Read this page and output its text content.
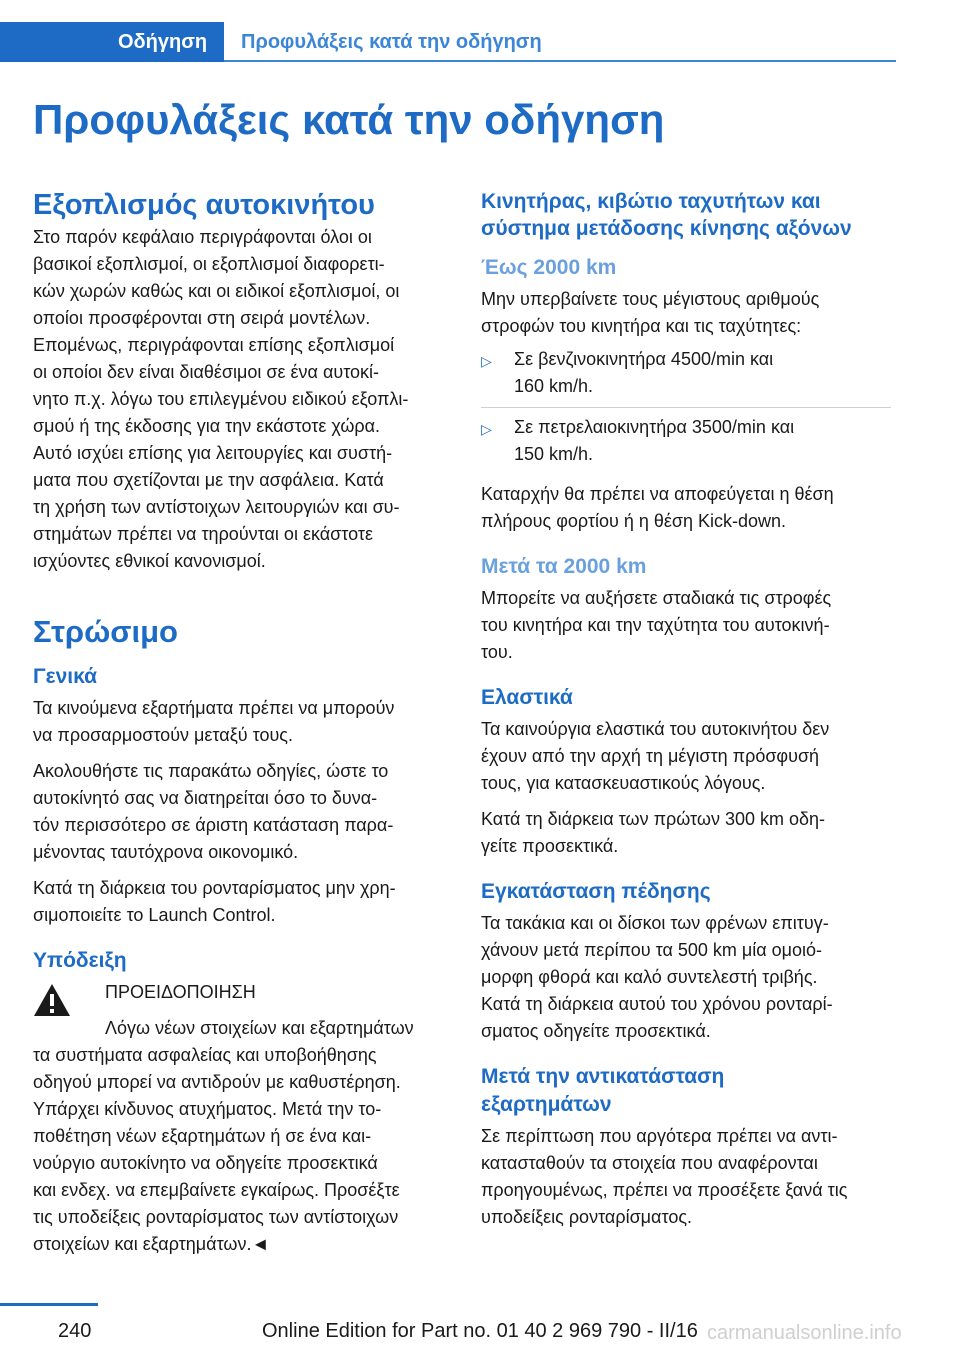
Οδήγηση	Προφυλάξεις κατά την οδήγηση
Προφυλάξεις κατά την οδήγηση
Εξοπλισμός αυτοκινήτου

Στο παρόν κεφάλαιο περιγράφονται όλοι οι
βασικοί εξοπλισμοί, οι εξοπλισμοί διαφορετι‐
κών χωρών καθώς και οι ειδικοί εξοπλισμοί, οι
οποίοι προσφέρονται στη σειρά μοντέλων.
Επομένως, περιγράφονται επίσης εξοπλισμοί
οι οποίοι δεν είναι διαθέσιμοι σε ένα αυτοκί‐
νητο π.χ. λόγω του επιλεγμένου ειδικού εξοπλι‐
σμού ή της έκδοσης για την εκάστοτε χώρα.
Αυτό ισχύει επίσης για λειτουργίες και συστή‐
ματα που σχετίζονται με την ασφάλεια. Κατά
τη χρήση των αντίστοιχων λειτουργιών και συ‐
στημάτων πρέπει να τηρούνται οι εκάστοτε
ισχύοντες εθνικοί κανονισμοί.

Στρώσιμο
Γενικά

Τα κινούμενα εξαρτήματα πρέπει να μπορούν
να προσαρμοστούν μεταξύ τους.

Ακολουθήστε τις παρακάτω οδηγίες, ώστε το
αυτοκίνητό σας να διατηρείται όσο το δυνα‐
τόν περισσότερο σε άριστη κατάσταση παρα‐
μένοντας ταυτόχρονα οικονομικό.

Κατά τη διάρκεια του ρονταρίσματος μην χρη‐
σιμοποιείτε το Launch Control.

Υπόδειξη

ΠΡΟΕΙΔΟΠΟΙΗΣΗ

Λόγω νέων στοιχείων και εξαρτημάτων

τα συστήματα ασφαλείας και υποβοήθησης
οδηγού μπορεί να αντιδρούν με καθυστέρηση.
Υπάρχει κίνδυνος ατυχήματος. Μετά την το‐
ποθέτηση νέων εξαρτημάτων ή σε ένα και‐
νούργιο αυτοκίνητο να οδηγείτε προσεκτικά
και ενδεχ. να επεμβαίνετε εγκαίρως. Προσέξτε
τις υποδείξεις ρονταρίσματος των αντίστοιχων
στοιχείων και εξαρτημάτων.◄

Κινητήρας, κιβώτιο ταχυτήτων και
σύστημα μετάδοσης κίνησης αξόνων
Έως 2000 km

Μην υπερβαίνετε τους μέγιστους αριθμούς
στροφών του κινητήρα και τις ταχύτητες:

▷	Σε βενζινοκινητήρα 4500/min και
160 km/h.
▷	Σε πετρελαιοκινητήρα 3500/min και
150 km/h.

Καταρχήν θα πρέπει να αποφεύγεται η θέση
πλήρους φορτίου ή η θέση Kick-down.

Μετά τα 2000 km

Μπορείτε να αυξήσετε σταδιακά τις στροφές
του κινητήρα και την ταχύτητα του αυτοκινή‐
του.

Ελαστικά

Τα καινούργια ελαστικά του αυτοκινήτου δεν
έχουν από την αρχή τη μέγιστη πρόσφυσή
τους, για κατασκευαστικούς λόγους.

Κατά τη διάρκεια των πρώτων 300 km οδη‐
γείτε προσεκτικά.

Εγκατάσταση πέδησης

Τα τακάκια και οι δίσκοι των φρένων επιτυγ‐
χάνουν μετά περίπου τα 500 km μία ομοιό‐
μορφη φθορά και καλό συντελεστή τριβής.
Κατά τη διάρκεια αυτού του χρόνου ρονταρί‐
σματος οδηγείτε προσεκτικά.

Μετά την αντικατάσταση
εξαρτημάτων

Σε περίπτωση που αργότερα πρέπει να αντι‐
κατασταθούν τα στοιχεία που αναφέρονται
προηγουμένως, πρέπει να προσέξετε ξανά τις
υποδείξεις ρονταρίσματος.

240	Online Edition for Part no. 01 40 2 969 790 - II/16 carmanualsonline.info
